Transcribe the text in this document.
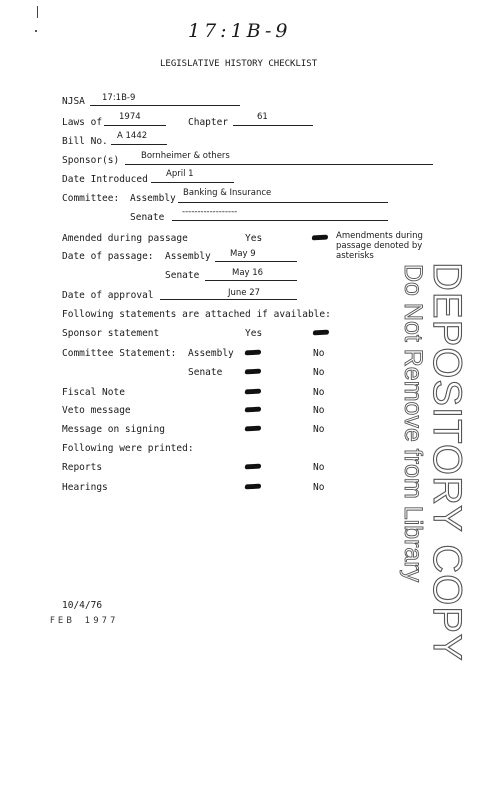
17:1B-9
LEGISLATIVE HISTORY CHECKLIST
NJSA 17:1B-9
Laws of 1974	Chapter	61
Bill No. A 1442
Sponsor(s)	Bornheimer & others
Date Introduced April 1
Committee: Assembly Banking & Insurance
Senate ------------------
Amended during passage	Yes	Amendments during
passage denoted by
asterisks
Date of passage: Assembly May 9
Senate	May 16
Date of approval	June 27
Following statements are attached if available:
Sponsor statement	Yes
Committee Statement: Assembly	No
Senate	No
Fiscal Note	No
Veto message	No
Message on signing	No
Following were printed:
Reports	No
Hearings	No	DEPOSITORY COPY
Do Not Remove from Library
10/4/76
FEB 1977
